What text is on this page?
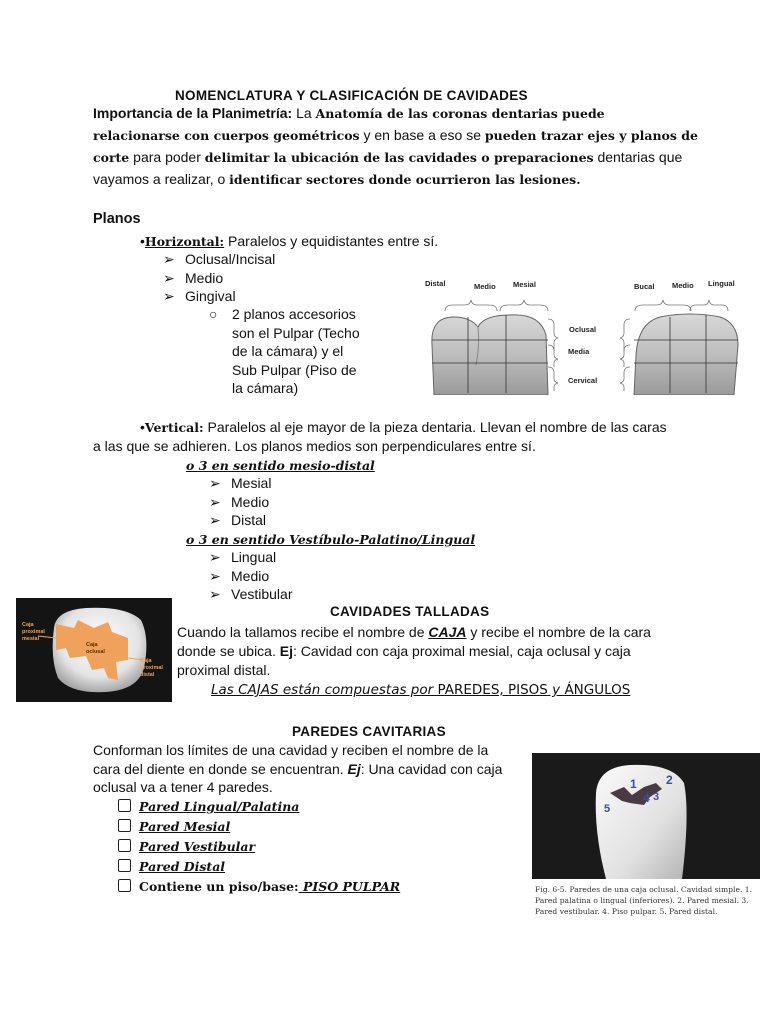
NOMENCLATURA Y CLASIFICACIÓN DE CAVIDADES
Importancia de la Planimetría: La Anatomía de las coronas dentarias puede
relacionarse con cuerpos geométricos y en base a eso se pueden trazar ejes y planos de
corte para poder delimitar la ubicación de las cavidades o preparaciones dentarias que
vayamos a realizar, o identificar sectores donde ocurrieron las lesiones.
Planos
•Horizontal: Paralelos y equidistantes entre sí.
➢ Oclusal/Incisal
➢ Medio
➢ Gingival
○ 2 planos accesorios
son el Pulpar (Techo
de la cámara) y el
Sub Pulpar (Piso de
la cámara)
Distal	Medio Mesial	Bucal Medio Lingual
Oclusal
Media
Cervical
•Vertical: Paralelos al eje mayor de la pieza dentaria. Llevan el nombre de las caras
a las que se adhieren. Los planos medios son perpendiculares entre sí.
o 3 en sentido mesio-distal
➢ Mesial
➢ Medio
➢ Distal
o 3 en sentido Vestíbulo-Palatino/Lingual
➢ Lingual
➢ Medio
➢ Vestibular
Caja proximal mesial
Caja oclusal
Caja proximal distal
CAVIDADES TALLADAS
Cuando la tallamos recibe el nombre de CAJA y recibe el nombre de la cara
donde se ubica. Ej: Cavidad con caja proximal mesial, caja oclusal y caja
proximal distal.
Las CAJAS están compuestas por PAREDES, PISOS y ÁNGULOS
PAREDES CAVITARIAS
Conforman los límites de una cavidad y reciben el nombre de la
cara del diente en donde se encuentran. Ej: Una cavidad con caja
oclusal va a tener 4 paredes.
Pared Lingual/Palatina
Pared Mesial
Pared Vestibular
Pared Distal
Contiene un piso/base: PISO PULPAR
1 2
3
4
5
Fig. 6-5. Paredes de una caja oclusal. Cavidad simple. 1.
Pared palatina o lingual (inferiores). 2. Pared mesial. 3.
Pared vestibular. 4. Piso pulpar. 5. Pared distal.
